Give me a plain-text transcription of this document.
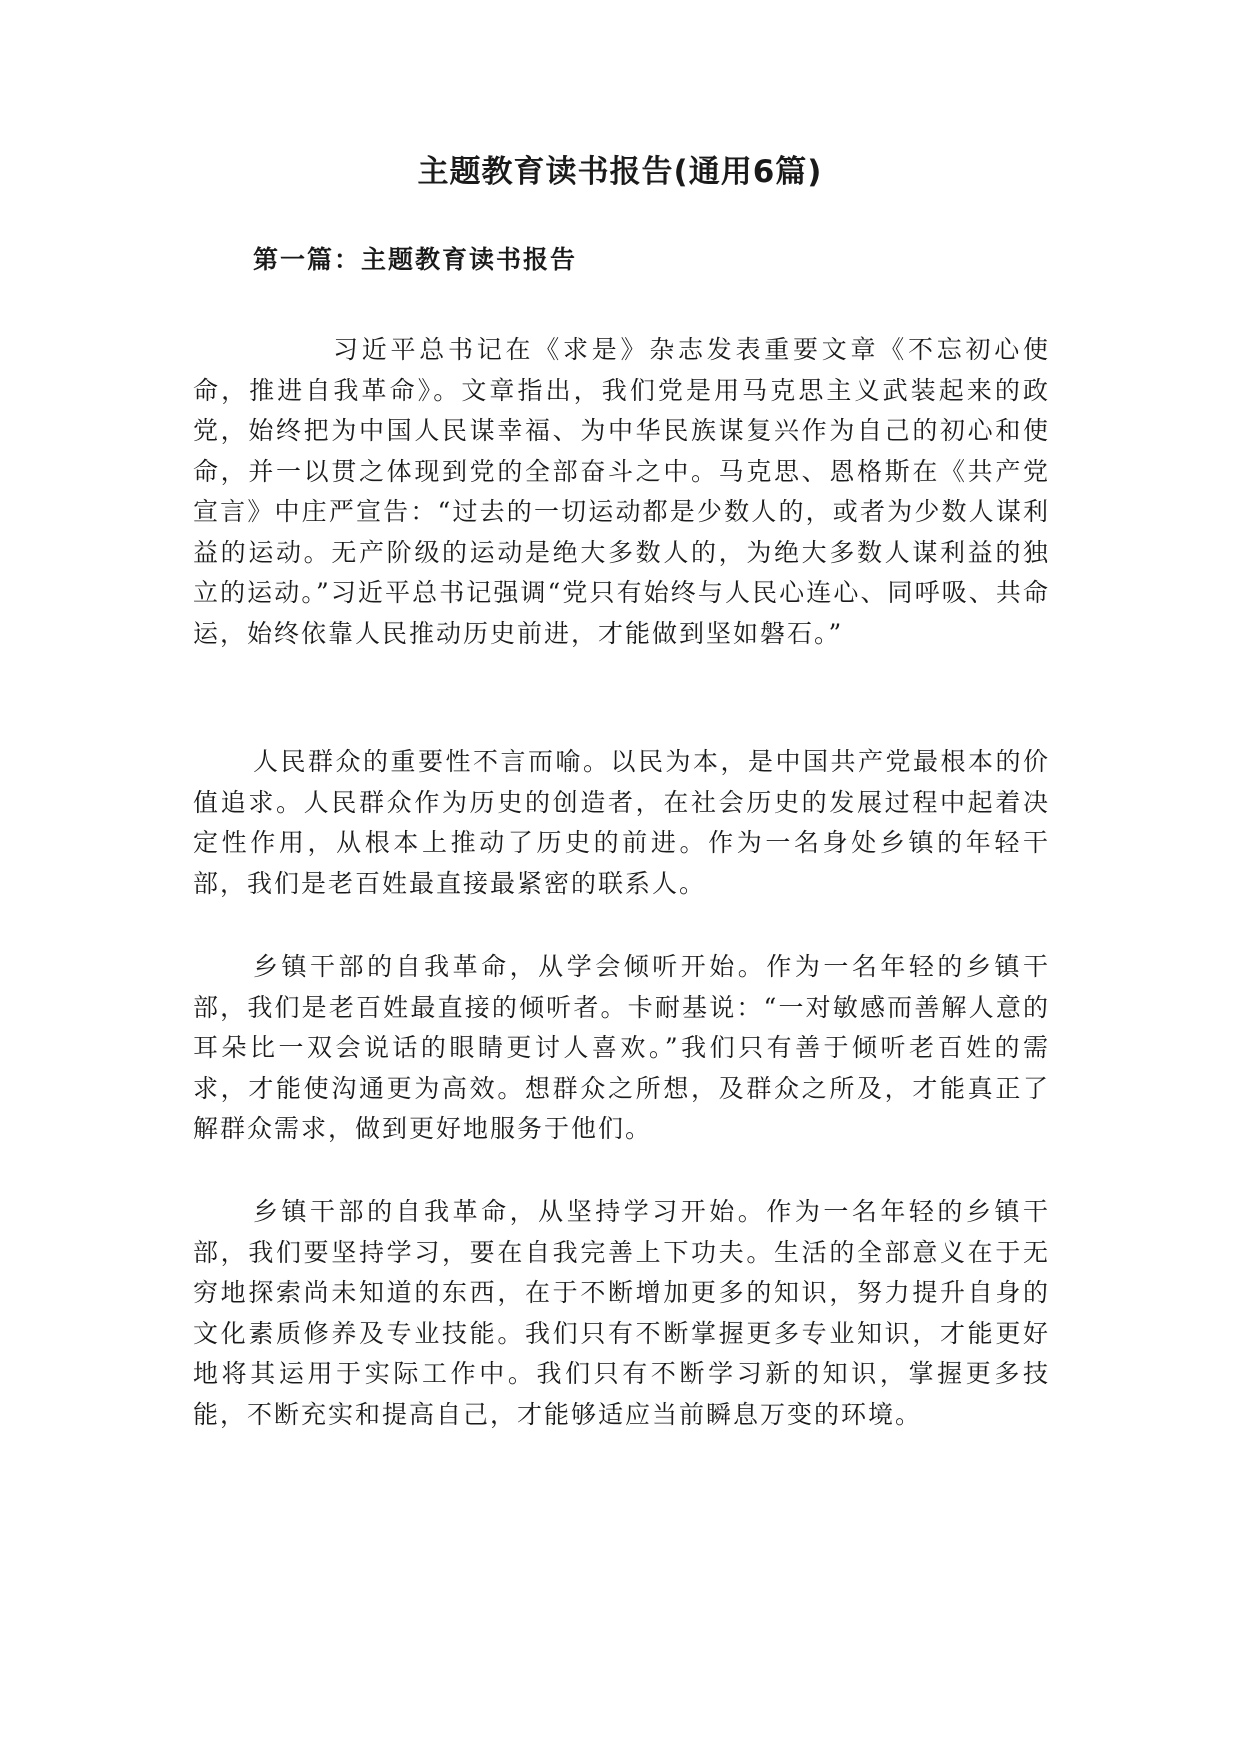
主题教育读书报告(通用6篇)
第一篇：主题教育读书报告

习近平总书记在《求是》杂志发表重要文章《不忘初心使命，推进自我革命》。文章指出，我们党是用马克思主义武装起来的政党，始终把为中国人民谋幸福、为中华民族谋复兴作为自己的初心和使命，并一以贯之体现到党的全部奋斗之中。马克思、恩格斯在《共产党宣言》中庄严宣告：“过去的一切运动都是少数人的，或者为少数人谋利益的运动。无产阶级的运动是绝大多数人的，为绝大多数人谋利益的独立的运动。”习近平总书记强调“党只有始终与人民心连心、同呼吸、共命运，始终依靠人民推动历史前进，才能做到坚如磐石。”

人民群众的重要性不言而喻。以民为本，是中国共产党最根本的价值追求。人民群众作为历史的创造者，在社会历史的发展过程中起着决定性作用，从根本上推动了历史的前进。作为一名身处乡镇的年轻干部，我们是老百姓最直接最紧密的联系人。

乡镇干部的自我革命，从学会倾听开始。作为一名年轻的乡镇干部，我们是老百姓最直接的倾听者。卡耐基说：“一对敏感而善解人意的耳朵比一双会说话的眼睛更讨人喜欢。”我们只有善于倾听老百姓的需求，才能使沟通更为高效。想群众之所想，及群众之所及，才能真正了解群众需求，做到更好地服务于他们。

乡镇干部的自我革命，从坚持学习开始。作为一名年轻的乡镇干部，我们要坚持学习，要在自我完善上下功夫。生活的全部意义在于无穷地探索尚未知道的东西，在于不断增加更多的知识，努力提升自身的文化素质修养及专业技能。我们只有不断掌握更多专业知识，才能更好地将其运用于实际工作中。我们只有不断学习新的知识，掌握更多技能，不断充实和提高自己，才能够适应当前瞬息万变的环境。
